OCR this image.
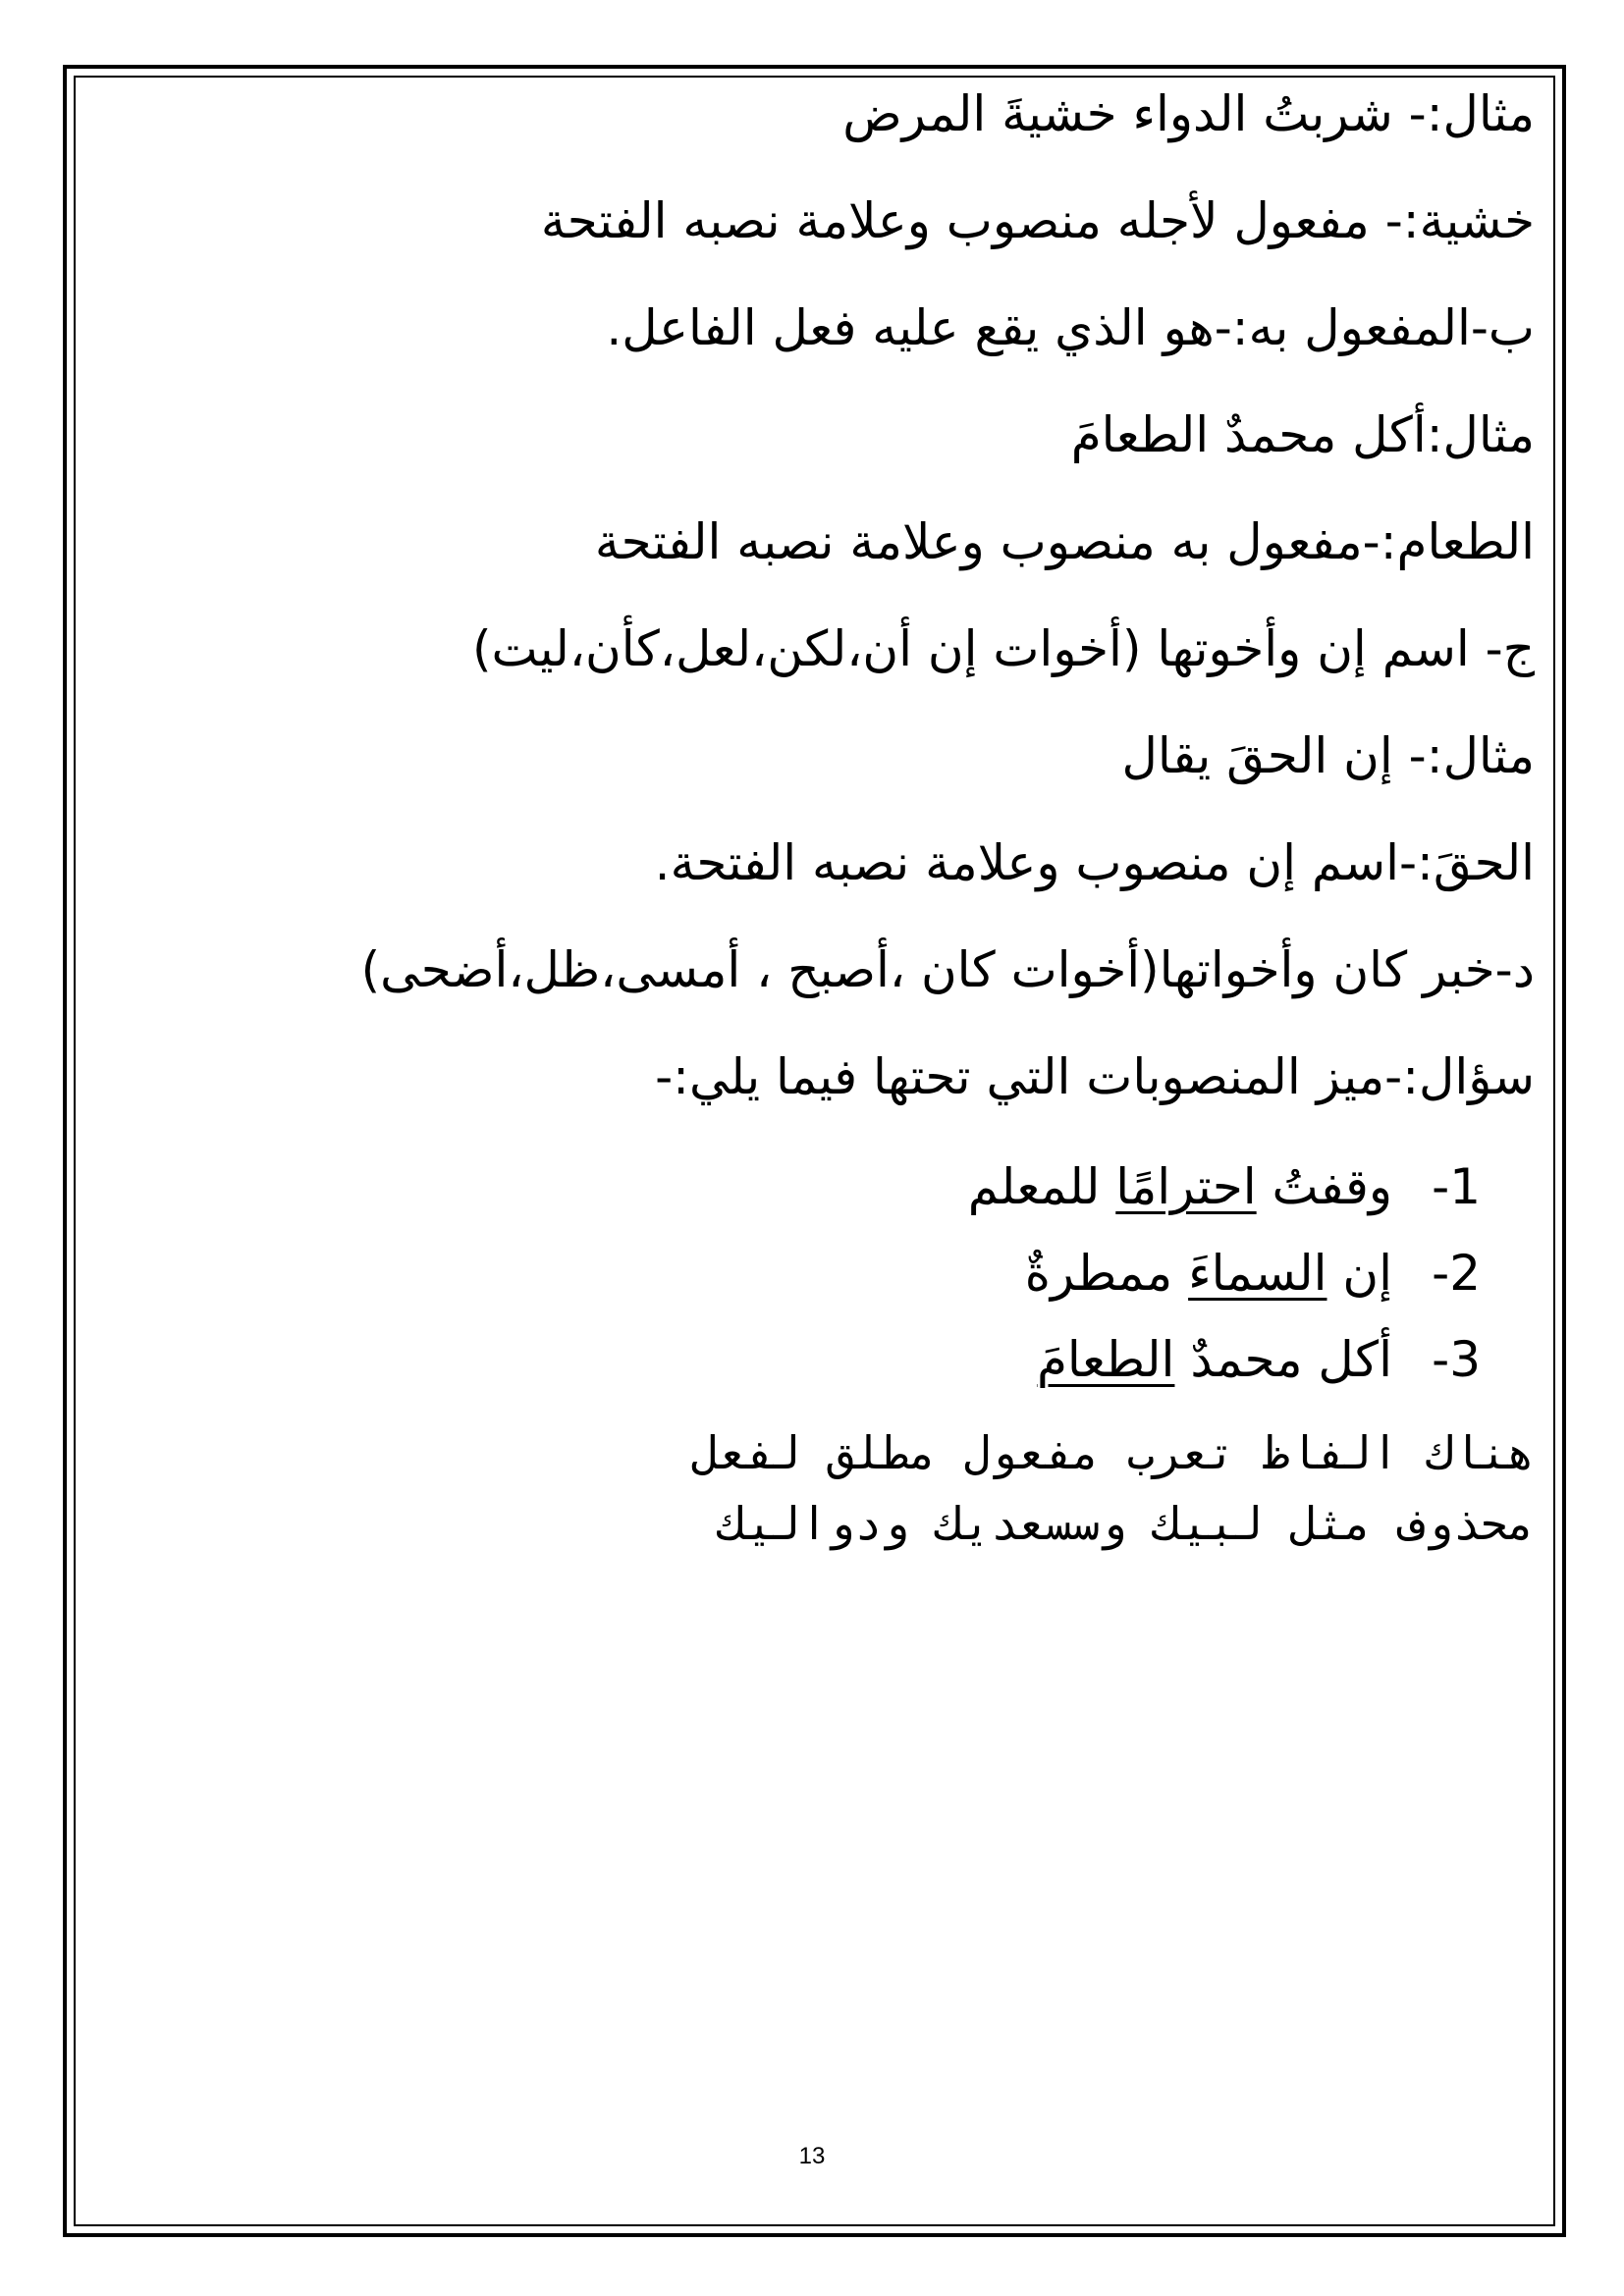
مثال:- شربتُ الدواء خشيةَ المرض
خشية:- مفعول لأجله منصوب وعلامة نصبه الفتحة
ب-المفعول به:-هو الذي يقع عليه فعل الفاعل.
مثال:أكل محمدٌ الطعامَ
الطعام:-مفعول به منصوب وعلامة نصبه الفتحة
ج- اسم إن وأخوتها (أخوات إن أن،لكن،لعل،كأن،ليت)
مثال:- إن الحقَ يقال
الحقَ:-اسم إن منصوب وعلامة نصبه الفتحة.
د-خبر كان وأخواتها(أخوات كان ،أصبح ، أمسى،ظل،أضحى)
سؤال:-ميز المنصوبات التي تحتها فيما يلي:-
1-وقفتُ احترامًا للمعلم
2-إن السماءَ ممطرةٌ
3-أكل محمدٌ الطعامَ
هناك الفاظ تعرب مفعول مطلق لفعل
محذوف مثل لبيك وسسعديك ودواليك
13
